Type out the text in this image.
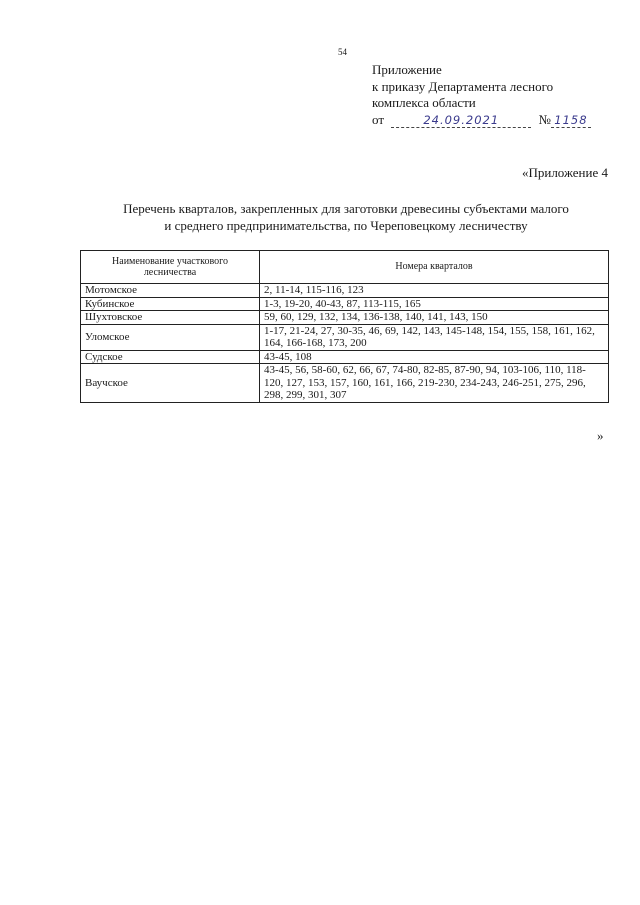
54
Приложение
к приказу Департамента лесного
комплекса области
от	24.09.2021	№ 1158
«Приложение 4
Перечень кварталов, закрепленных для заготовки древесины субъектами малого
и среднего предпринимательства, по Череповецкому лесничеству
Наименование участкового лесничества	Номера кварталов
Мотомское	2, 11-14, 115-116, 123
Кубинское	1-3, 19-20, 40-43, 87, 113-115, 165
Шухтовское	59, 60, 129, 132, 134, 136-138, 140, 141, 143, 150
Уломское	1-17, 21-24, 27, 30-35, 46, 69, 142, 143, 145-148, 154, 155, 158, 161, 162, 164, 166-168, 173, 200
Судское	43-45, 108
Ваучское	43-45, 56, 58-60, 62, 66, 67, 74-80, 82-85, 87-90, 94, 103-106, 110, 118-120, 127, 153, 157, 160, 161, 166, 219-230, 234-243, 246-251, 275, 296, 298, 299, 301, 307
»
